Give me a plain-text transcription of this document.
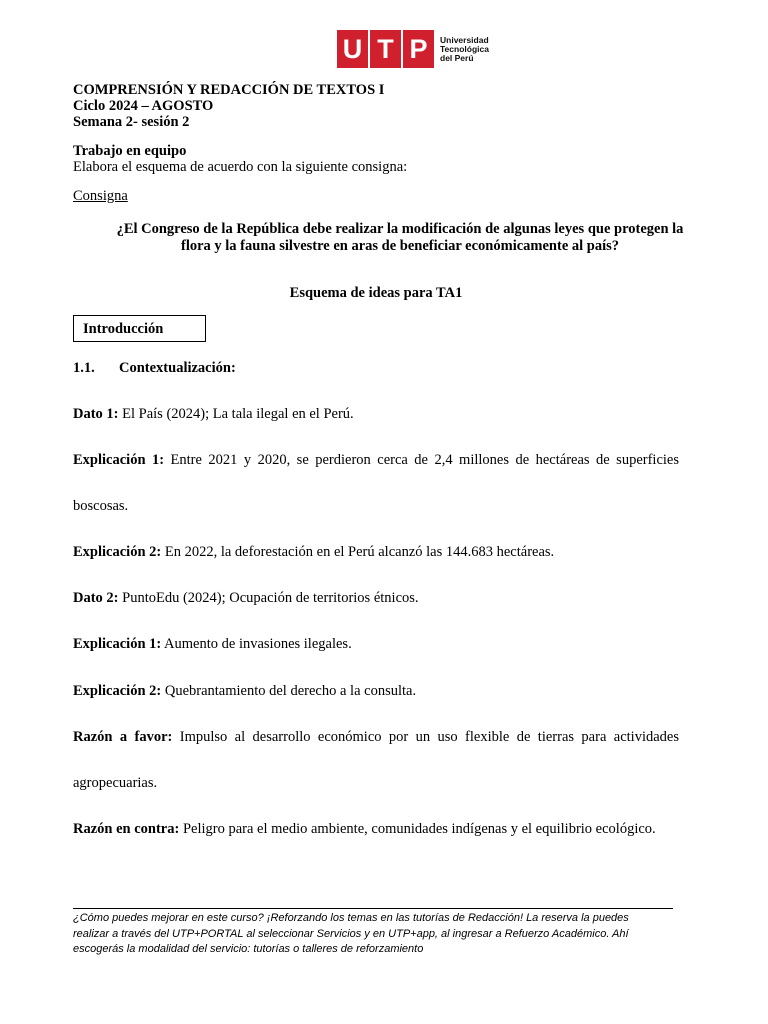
U T P	Universidad
Tecnológica
del Perú
COMPRENSIÓN Y REDACCIÓN DE TEXTOS I
Ciclo 2024 – AGOSTO
Semana 2- sesión 2
Trabajo en equipo
Elabora el esquema de acuerdo con la siguiente consigna:
Consigna
¿El Congreso de la República debe realizar la modificación de algunas leyes que protegen la
flora y la fauna silvestre en aras de beneficiar económicamente al país?
Esquema de ideas para TA1
Introducción
1.1. Contextualización:
Dato 1: El País (2024); La tala ilegal en el Perú.
Explicación 1: Entre 2021 y 2020, se perdieron cerca de 2,4 millones de hectáreas de superficies
boscosas.
Explicación 2: En 2022, la deforestación en el Perú alcanzó las 144.683 hectáreas.
Dato 2: PuntoEdu (2024); Ocupación de territorios étnicos.
Explicación 1: Aumento de invasiones ilegales.
Explicación 2: Quebrantamiento del derecho a la consulta.
Razón a favor: Impulso al desarrollo económico por un uso flexible de tierras para actividades
agropecuarias.
Razón en contra: Peligro para el medio ambiente, comunidades indígenas y el equilibrio ecológico.
¿Cómo puedes mejorar en este curso? ¡Reforzando los temas en las tutorías de Redacción! La reserva la puedes
realizar a través del UTP+PORTAL al seleccionar Servicios y en UTP+app, al ingresar a Refuerzo Académico. Ahí
escogerás la modalidad del servicio: tutorías o talleres de reforzamiento
